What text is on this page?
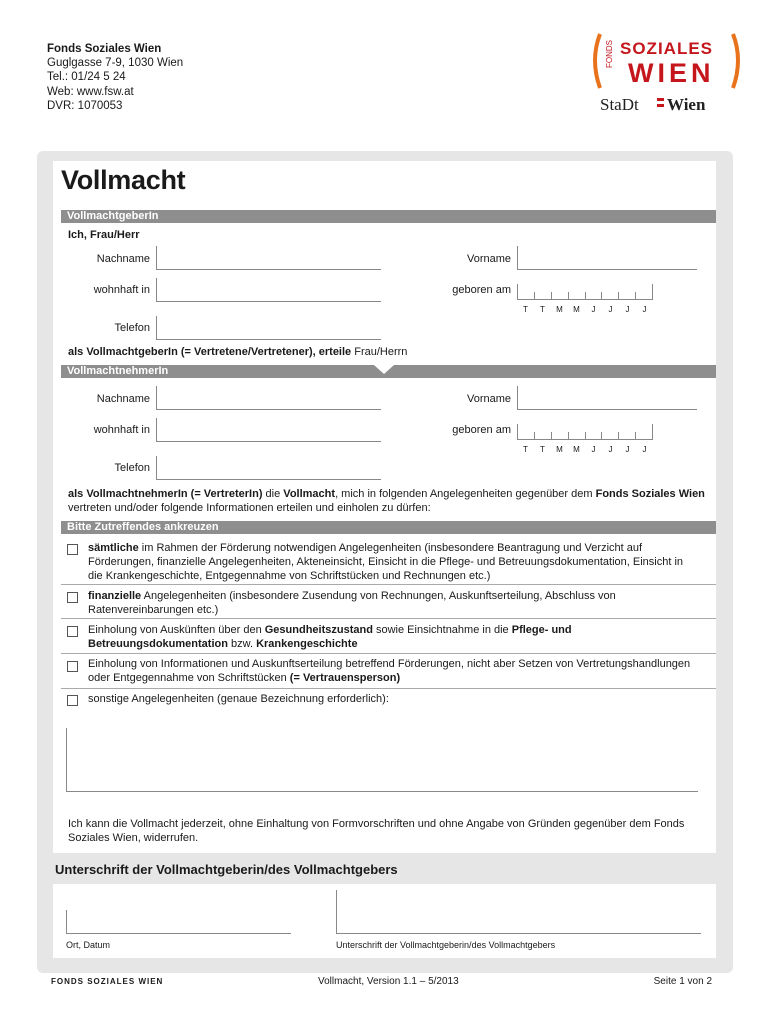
Fonds Soziales Wien
Guglgasse 7-9, 1030 Wien
Tel.: 01/24 5 24
Web: www.fsw.at
DVR: 1070053
FONDS SOZIALES
WIEN
StaDt Wien
Vollmacht
VollmachtgeberIn
Ich, Frau/Herr
Nachname	Vorname
wohnhaft in	geboren am
T	T	M	M	J	J	J	J
Telefon
als VollmachtgeberIn (= Vertretene/Vertretener), erteile Frau/Herrn
VollmachtnehmerIn
Nachname	Vorname
wohnhaft in	geboren am
T	T	M	M	J	J	J	J
Telefon
als VollmachtnehmerIn (= VertreterIn) die Vollmacht, mich in folgenden Angelegenheiten gegenüber dem Fonds Soziales Wien vertreten und/oder folgende Informationen erteilen und einholen zu dürfen:
Bitte Zutreffendes ankreuzen
sämtliche im Rahmen der Förderung notwendigen Angelegenheiten (insbesondere Beantragung und Verzicht auf Förderungen, finanzielle Angelegenheiten, Akteneinsicht, Einsicht in die Pflege- und Betreuungsdokumentation, Einsicht in die Krankengeschichte, Entgegennahme von Schriftstücken und Rechnungen etc.)
finanzielle Angelegenheiten (insbesondere Zusendung von Rechnungen, Auskunftserteilung, Abschluss von Ratenvereinbarungen etc.)
Einholung von Auskünften über den Gesundheitszustand sowie Einsichtnahme in die Pflege- und Betreuungsdokumentation bzw. Krankengeschichte
Einholung von Informationen und Auskunftserteilung betreffend Förderungen, nicht aber Setzen von Vertretungshandlungen oder Entgegennahme von Schriftstücken (= Vertrauensperson)
sonstige Angelegenheiten (genaue Bezeichnung erforderlich):
Ich kann die Vollmacht jederzeit, ohne Einhaltung von Formvorschriften und ohne Angabe von Gründen gegenüber dem Fonds Soziales Wien, widerrufen.
Unterschrift der Vollmachtgeberin/des Vollmachtgebers
Ort, Datum	Unterschrift der Vollmachtgeberin/des Vollmachtgebers
FONDS SOZIALES WIEN	Vollmacht, Version 1.1 – 5/2013	Seite 1 von 2
